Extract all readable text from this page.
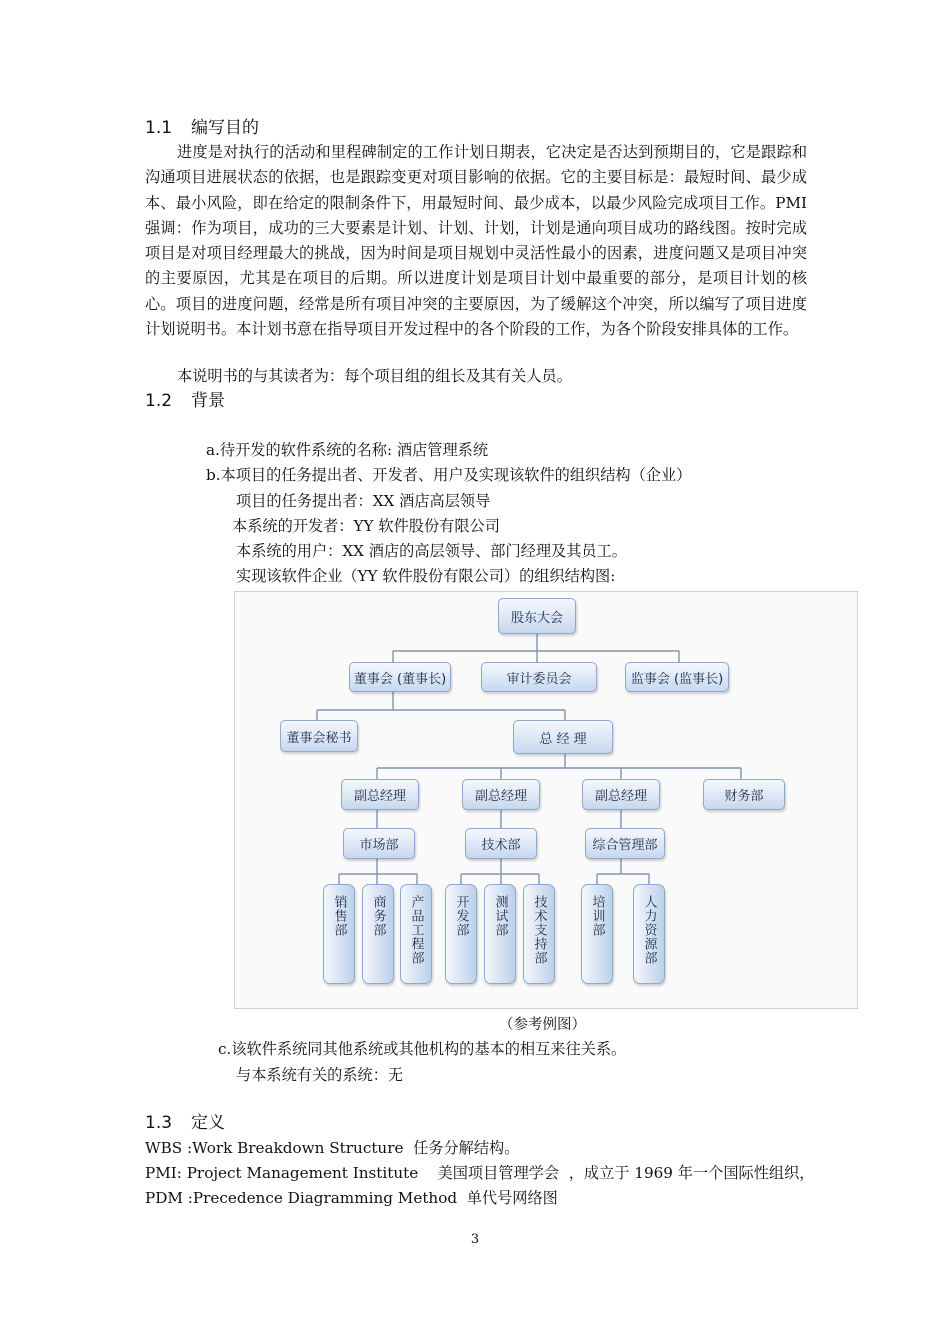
1.1 编写目的
进度是对执行的活动和里程碑制定的工作计划日期表，它决定是否达到预期目的，它是跟踪和沟通项目进展状态的依据，也是跟踪变更对项目影响的依据。它的主要目标是：最短时间、最少成本、最小风险，即在给定的限制条件下，用最短时间、最少成本，以最少风险完成项目工作。PMI 强调：作为项目，成功的三大要素是计划、计划、计划，计划是通向项目成功的路线图。按时完成项目是对项目经理最大的挑战，因为时间是项目规划中灵活性最小的因素，进度问题又是项目冲突的主要原因，尤其是在项目的后期。所以进度计划是项目计划中最重要的部分，是项目计划的核心。项目的进度问题，经常是所有项目冲突的主要原因，为了缓解这个冲突，所以编写了项目进度计划说明书。本计划书意在指导项目开发过程中的各个阶段的工作，为各个阶段安排具体的工作。
本说明书的与其读者为：每个项目组的组长及其有关人员。
1.2 背景
a.待开发的软件系统的名称: 酒店管理系统
b.本项目的任务提出者、开发者、用户及实现该软件的组织结构（企业）
项目的任务提出者：XX 酒店高层领导
本系统的开发者：YY 软件股份有限公司
本系统的用户：XX 酒店的高层领导、部门经理及其员工。
实现该软件企业（YY 软件股份有限公司）的组织结构图:
股东大会
董事会 (董事长)	审计委员会	监事会 (监事长)
董事会秘书	总 经 理
副总经理	副总经理	副总经理	财务部
市场部	技术部	综合管理部
销售部 商务部 产品工程部 开发部 测试部 技术支持部	培训部	人力资源部
（参考例图）
c.该软件系统同其他系统或其他机构的基本的相互来往关系。
与本系统有关的系统：无
1.3 定义
WBS :Work Breakdown Structure  任务分解结构。
PMI: Project Management Institute    美国项目管理学会  ，成立于 1969 年一个国际性组织，
PDM :Precedence Diagramming Method  单代号网络图
3
